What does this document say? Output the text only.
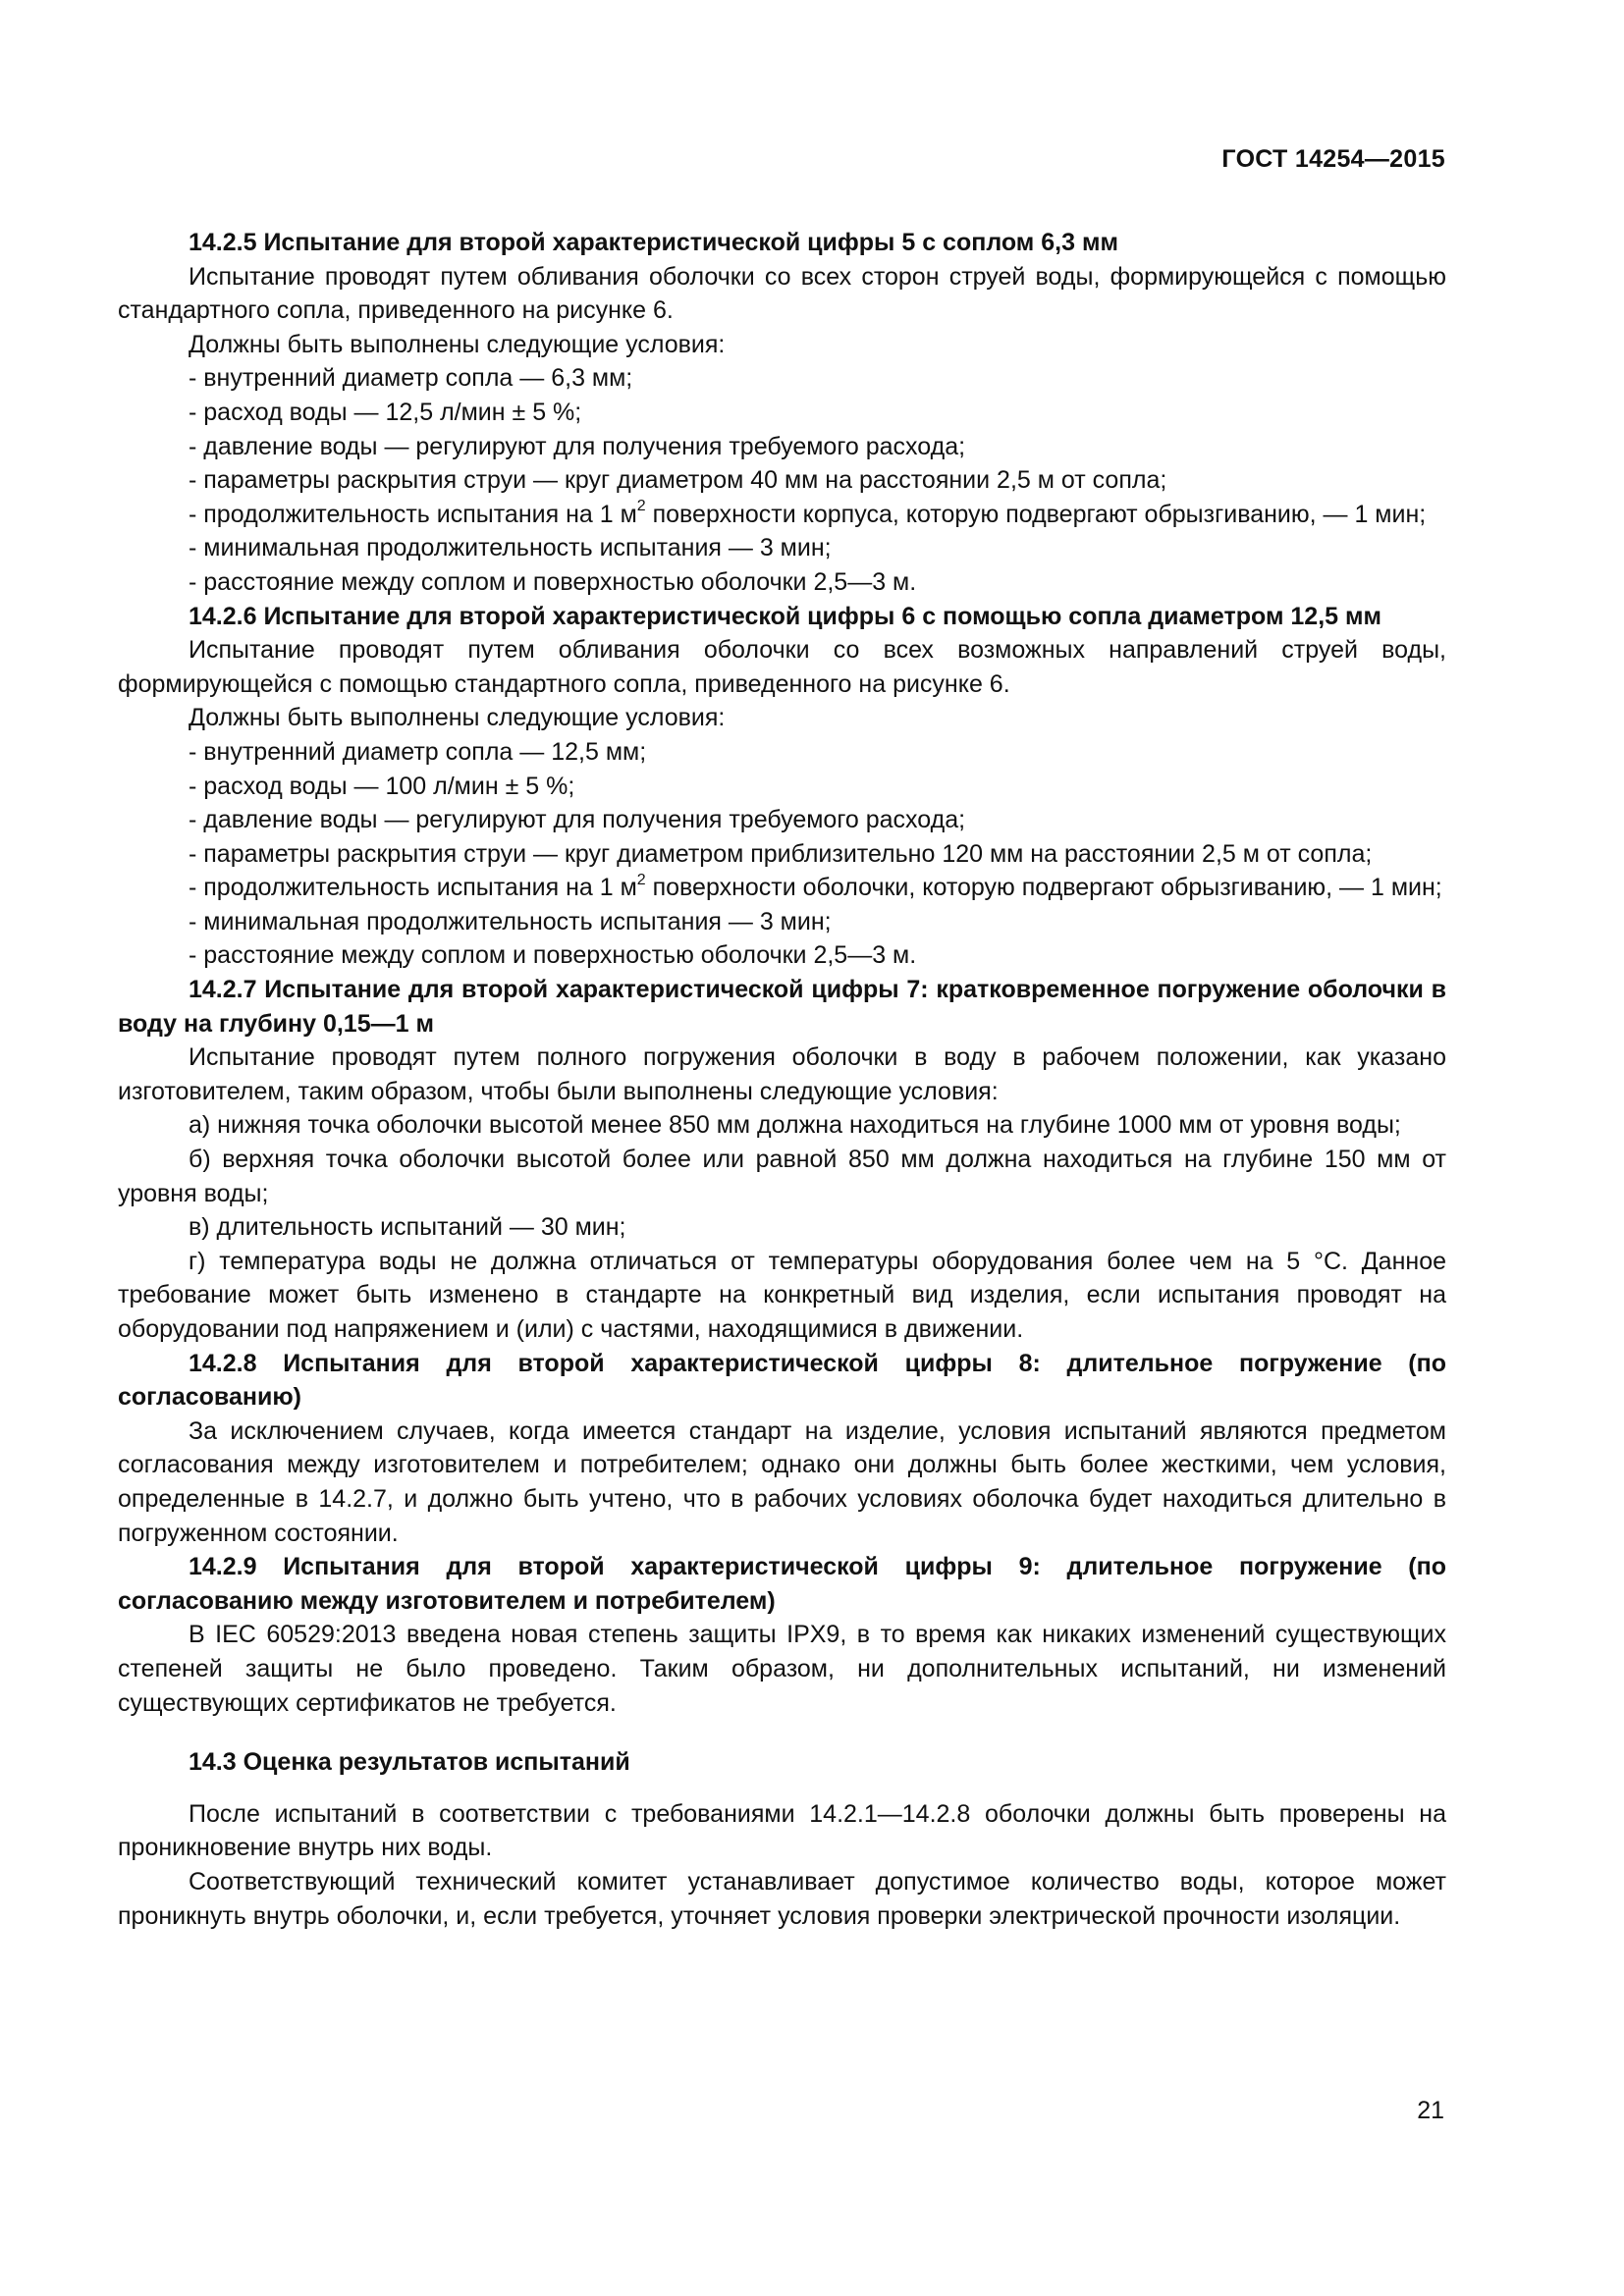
ГОСТ 14254—2015

14.2.5 Испытание для второй характеристической цифры 5 с соплом 6,3 мм

Испытание проводят путем обливания оболочки со всех сторон струей воды, формирующейся с помощью стандартного сопла, приведенного на рисунке 6.

Должны быть выполнены следующие условия:

- внутренний диаметр сопла — 6,3 мм;

- расход воды — 12,5 л/мин ± 5 %;

- давление воды — регулируют для получения требуемого расхода;

- параметры раскрытия струи — круг диаметром 40 мм на расстоянии 2,5 м от сопла;

- продолжительность испытания на 1 $м^2$ поверхности корпуса, которую подвергают обрызгиванию, — 1 мин;

- минимальная продолжительность испытания — 3 мин;

- расстояние между соплом и поверхностью оболочки 2,5—3 м.

14.2.6 Испытание для второй характеристической цифры 6 с помощью сопла диаметром 12,5 мм

Испытание проводят путем обливания оболочки со всех возможных направлений струей воды, формирующейся с помощью стандартного сопла, приведенного на рисунке 6.

Должны быть выполнены следующие условия:

- внутренний диаметр сопла — 12,5 мм;

- расход воды — 100 л/мин ± 5 %;

- давление воды — регулируют для получения требуемого расхода;

- параметры раскрытия струи — круг диаметром приблизительно 120 мм на расстоянии 2,5 м от сопла;

- продолжительность испытания на 1 $м^2$ поверхности оболочки, которую подвергают обрызгиванию, — 1 мин;

- минимальная продолжительность испытания — 3 мин;

- расстояние между соплом и поверхностью оболочки 2,5—3 м.

14.2.7 Испытание для второй характеристической цифры 7: кратковременное погружение оболочки в воду на глубину 0,15—1 м

Испытание проводят путем полного погружения оболочки в воду в рабочем положении, как указано изготовителем, таким образом, чтобы были выполнены следующие условия:

а) нижняя точка оболочки высотой менее 850 мм должна находиться на глубине 1000 мм от уровня воды;

б) верхняя точка оболочки высотой более или равной 850 мм должна находиться на глубине 150 мм от уровня воды;

в) длительность испытаний — 30 мин;

г) температура воды не должна отличаться от температуры оборудования более чем на 5 °С. Данное требование может быть изменено в стандарте на конкретный вид изделия, если испытания проводят на оборудовании под напряжением и (или) с частями, находящимися в движении.

14.2.8 Испытания для второй характеристической цифры 8: длительное погружение (по согласованию)

За исключением случаев, когда имеется стандарт на изделие, условия испытаний являются предметом согласования между изготовителем и потребителем; однако они должны быть более жесткими, чем условия, определенные в 14.2.7, и должно быть учтено, что в рабочих условиях оболочка будет находиться длительно в погруженном состоянии.

14.2.9 Испытания для второй характеристической цифры 9: длительное погружение (по согласованию между изготовителем и потребителем)

В IEC 60529:2013 введена новая степень защиты IPX9, в то время как никаких изменений существующих степеней защиты не было проведено. Таким образом, ни дополнительных испытаний, ни изменений существующих сертификатов не требуется.

14.3 Оценка результатов испытаний

После испытаний в соответствии с требованиями 14.2.1—14.2.8 оболочки должны быть проверены на проникновение внутрь них воды.

Соответствующий технический комитет устанавливает допустимое количество воды, которое может проникнуть внутрь оболочки, и, если требуется, уточняет условия проверки электрической прочности изоляции.

21
